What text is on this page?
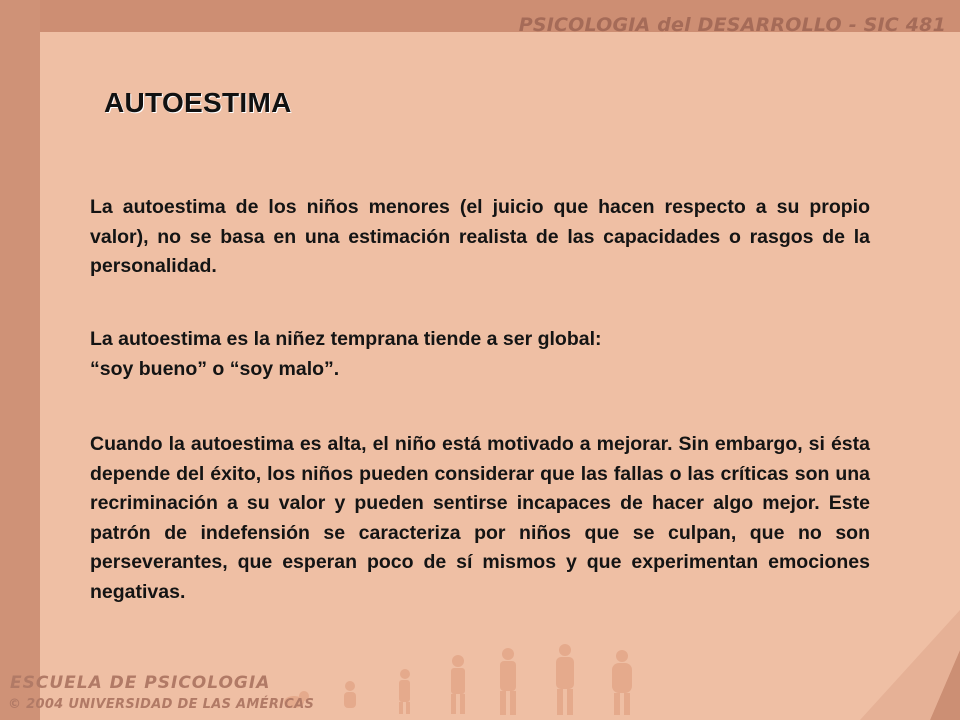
PSICOLOGIA del DESARROLLO - SIC 481
AUTOESTIMA
La autoestima de los niños menores (el juicio que hacen respecto a su propio valor), no se basa en una estimación realista de las capacidades o rasgos de la personalidad.
La autoestima es la niñez temprana tiende a ser global:
“soy bueno” o “soy malo”.
Cuando la autoestima es alta, el niño está motivado a mejorar. Sin embargo, si ésta depende del éxito, los niños pueden considerar que las fallas o las críticas son una recriminación a su valor y pueden sentirse incapaces de hacer algo mejor. Este patrón de indefensión se caracteriza por niños que se culpan, que no son perseverantes, que esperan poco de sí mismos y que experimentan emociones negativas.
ESCUELA DE PSICOLOGIA
© 2004 UNIVERSIDAD DE LAS AMÉRICAS
